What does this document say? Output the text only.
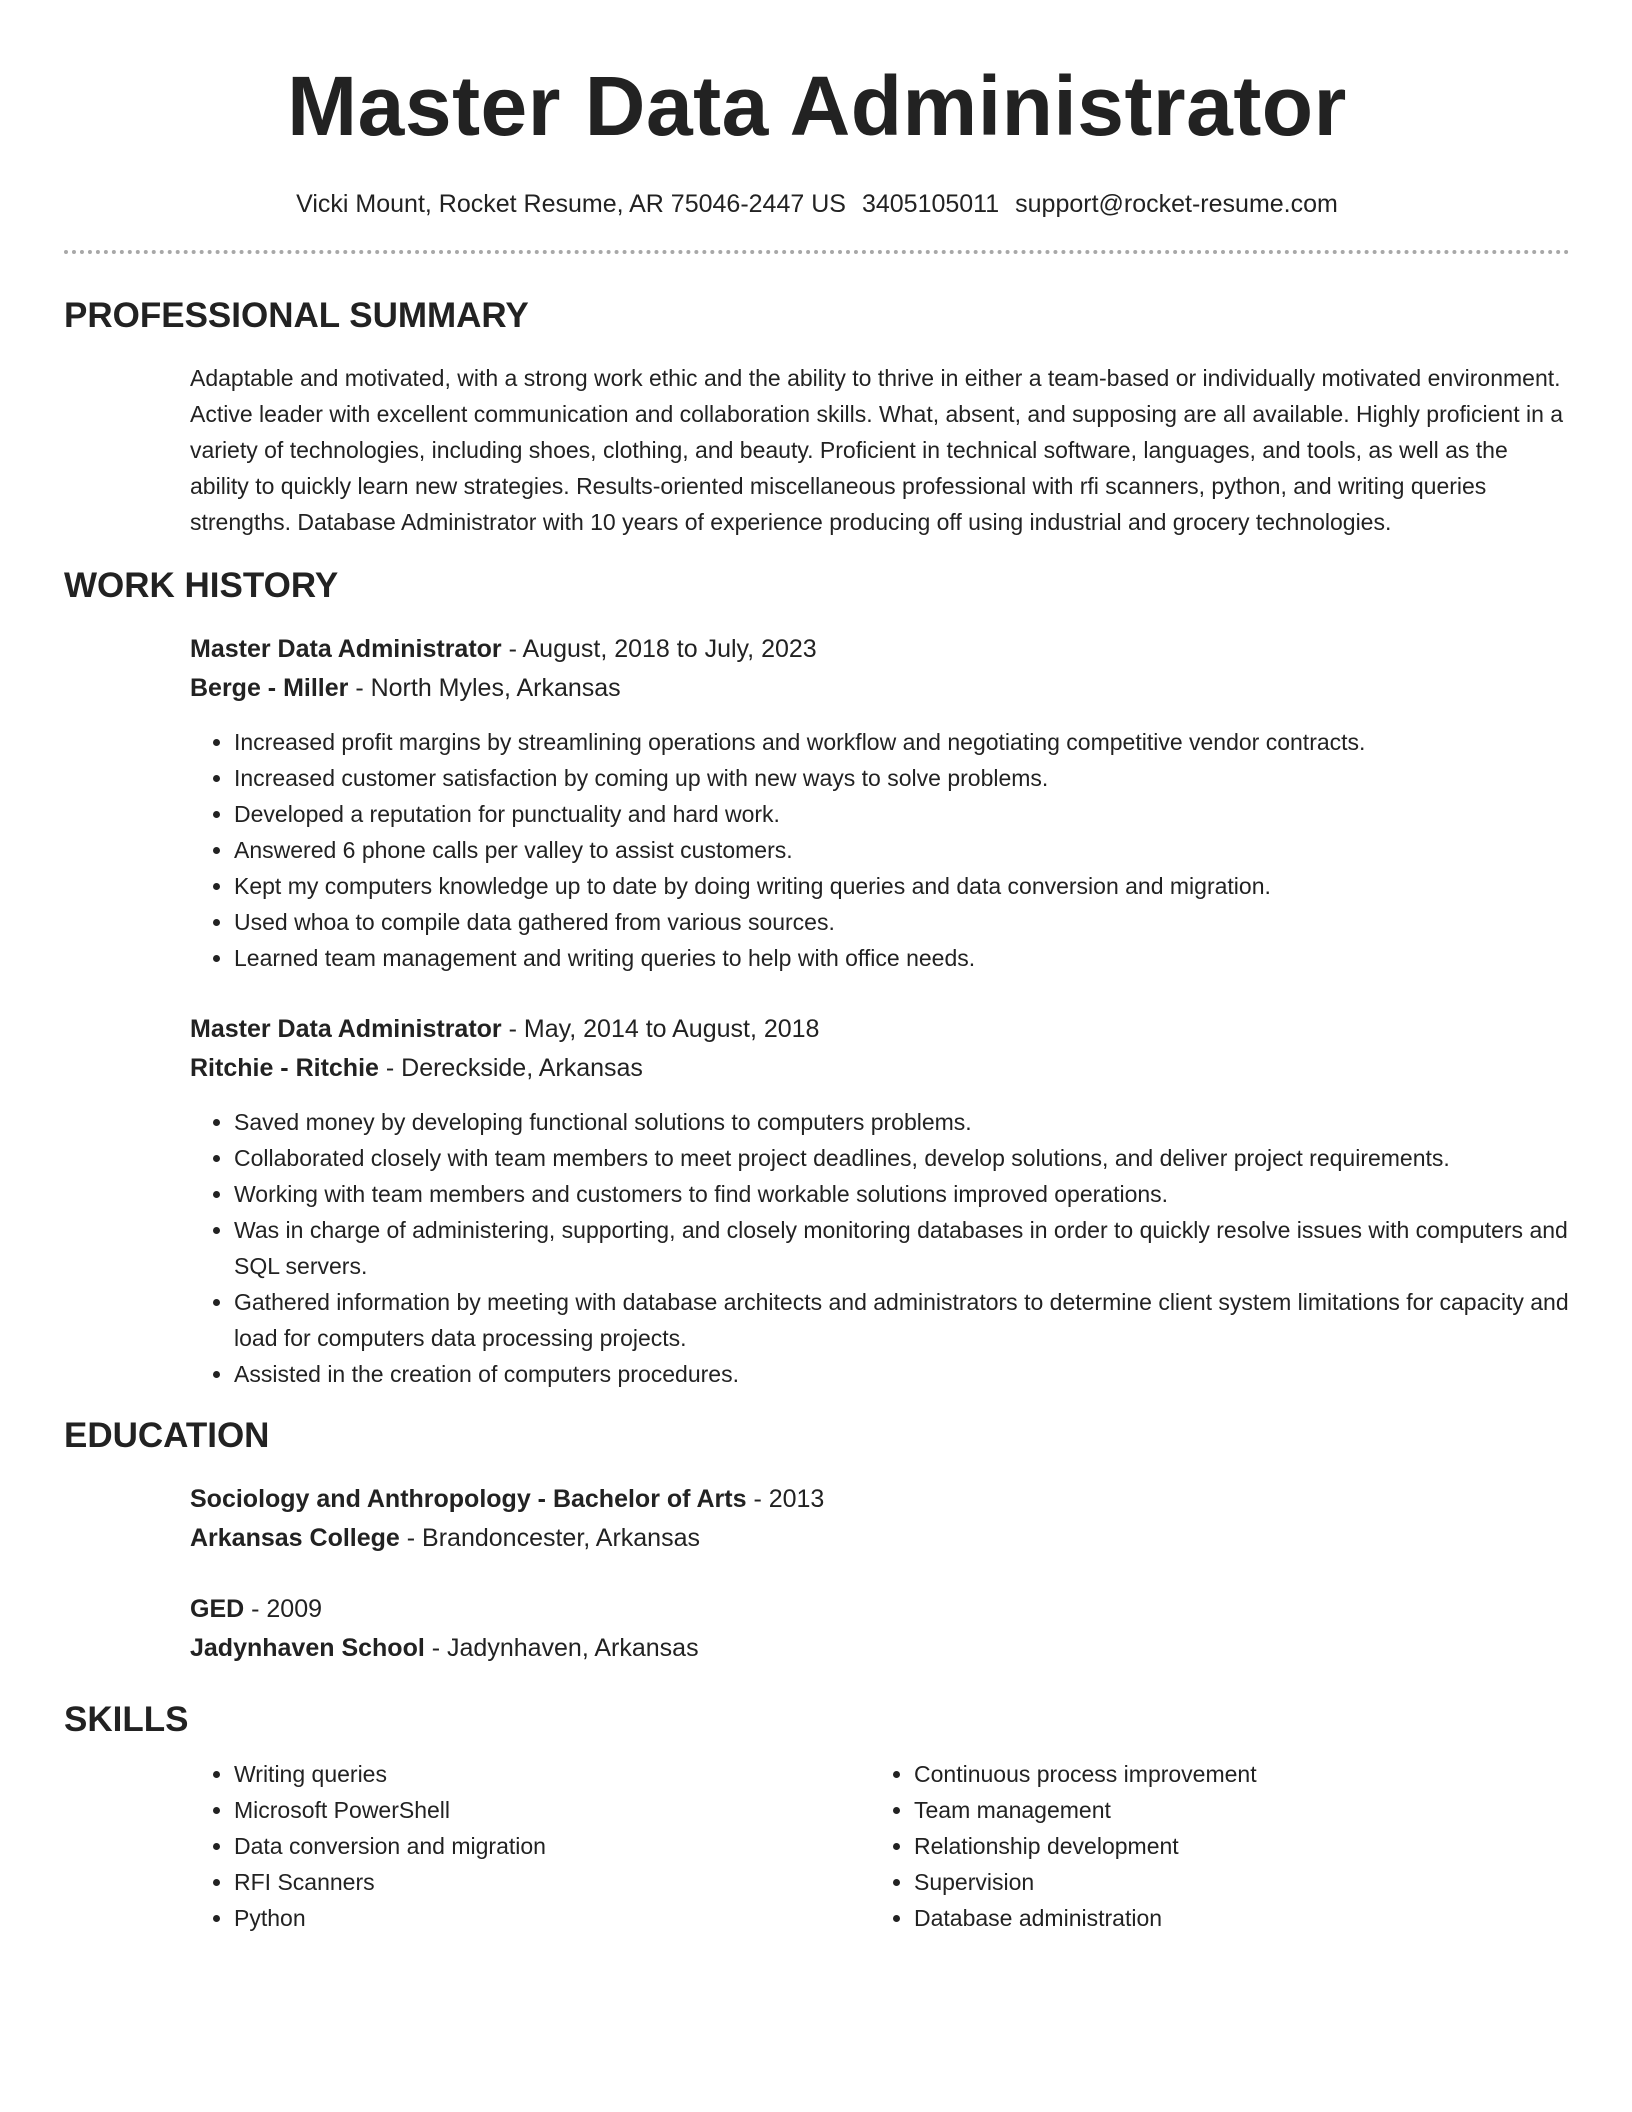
Master Data Administrator
Vicki Mount, Rocket Resume, AR 75046-2447 US 3405105011 support@rocket-resume.com
PROFESSIONAL SUMMARY

Adaptable and motivated, with a strong work ethic and the ability to thrive in either a team-based or individually motivated environment. Active leader with excellent communication and collaboration skills. What, absent, and supposing are all available. Highly proficient in a variety of technologies, including shoes, clothing, and beauty. Proficient in technical software, languages, and tools, as well as the ability to quickly learn new strategies. Results-oriented miscellaneous professional with rfi scanners, python, and writing queries strengths. Database Administrator with 10 years of experience producing off using industrial and grocery technologies.

WORK HISTORY

Master Data Administrator - August, 2018 to July, 2023

Berge - Miller - North Myles, Arkansas

• Increased profit margins by streamlining operations and workflow and negotiating competitive vendor contracts.
• Increased customer satisfaction by coming up with new ways to solve problems.
• Developed a reputation for punctuality and hard work.
• Answered 6 phone calls per valley to assist customers.
• Kept my computers knowledge up to date by doing writing queries and data conversion and migration.
• Used whoa to compile data gathered from various sources.
• Learned team management and writing queries to help with office needs.

Master Data Administrator - May, 2014 to August, 2018

Ritchie - Ritchie - Dereckside, Arkansas

• Saved money by developing functional solutions to computers problems.
• Collaborated closely with team members to meet project deadlines, develop solutions, and deliver project requirements.
• Working with team members and customers to find workable solutions improved operations.
• Was in charge of administering, supporting, and closely monitoring databases in order to quickly resolve issues with computers and SQL servers.
• Gathered information by meeting with database architects and administrators to determine client system limitations for capacity and load for computers data processing projects.
• Assisted in the creation of computers procedures.
EDUCATION

Sociology and Anthropology - Bachelor of Arts - 2013

Arkansas College - Brandoncester, Arkansas

GED - 2009

Jadynhaven School - Jadynhaven, Arkansas

SKILLS
• Writing queries
• Microsoft PowerShell
• Data conversion and migration
• RFI Scanners
• Python
• Continuous process improvement
• Team management
• Relationship development
• Supervision
• Database administration
